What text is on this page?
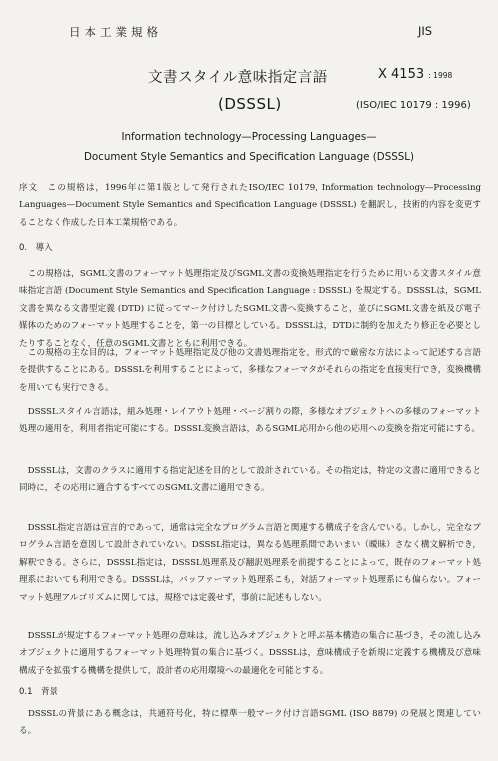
日本工業規格	JIS
文書スタイル意味指定言語	X 4153 : 1998
(DSSSL)	(ISO/IEC 10179 : 1996)
Information technology—Processing Languages—
Document Style Semantics and Specification Language (DSSSL)
序文　この規格は，1996年に第1版として発行されたISO/IEC 10179, Information technology—Processing Languages—Document Style Semantics and Specification Language (DSSSL) を翻訳し，技術的内容を変更することなく作成した日本工業規格である。
0.　導入
　この規格は，SGML文書のフォーマット処理指定及びSGML文書の変換処理指定を行うために用いる文書スタイル意味指定言語 (Document Style Semantics and Specification Language : DSSSL) を規定する。DSSSLは，SGML文書を異なる文書型定義 (DTD) に従ってマーク付けしたSGML文書へ変換すること，並びにSGML文書を紙及び電子媒体のためのフォーマット処理することを，第一の目標としている。DSSSLは，DTDに制約を加えたり修正を必要としたりすることなく，任意のSGML文書とともに利用できる。
　この規格の主な目的は，フォーマット処理指定及び他の文書処理指定を，形式的で厳密な方法によって記述する言語を提供することにある。DSSSLを利用することによって，多様なフォーマタがそれらの指定を直接実行でき，変換機構を用いても実行できる。
　DSSSLスタイル言語は，組み処理・レイアウト処理・ページ割りの際，多様なオブジェクトへの多様のフォーマット処理の適用を，利用者指定可能にする。DSSSL変換言語は，あるSGML応用から他の応用への変換を指定可能にする。
　DSSSLは，文書のクラスに適用する指定記述を目的として設計されている。その指定は，特定の文書に適用できると同時に，その応用に適合するすべてのSGML文書に適用できる。
　DSSSL指定言語は宣言的であって，通常は完全なプログラム言語と関連する構成子を含んでいる。しかし，完全なプログラム言語を意図して設計されていない。DSSSL指定は，異なる処理系間であいまい（曖昧）さなく構文解析でき，解釈できる。さらに，DSSSL指定は，DSSSL処理系及び翻訳処理系を前提することによって，既存のフォーマット処理系においても利用できる。DSSSLは，バッファーマット処理系こも，対話フォーマット処理系にも偏らない。フォーマット処理アルゴリズムに関しては，規格では定義せず，事前に記述もしない。
　DSSSLが規定するフォーマット処理の意味は，流し込みオブジェクトと呼ぶ基本構造の集合に基づき，その流し込みオブジェクトに適用するフォーマット処理特質の集合に基づく。DSSSLは，意味構成子を新規に定義する機構及び意味構成子を拡張する機構を提供して，設計者の応用環境への最適化を可能とする。
0.1　背景
　DSSSLの背景にある概念は，共通符号化，特に標準一般マーク付け言語SGML (ISO 8879) の発展と関連している。
